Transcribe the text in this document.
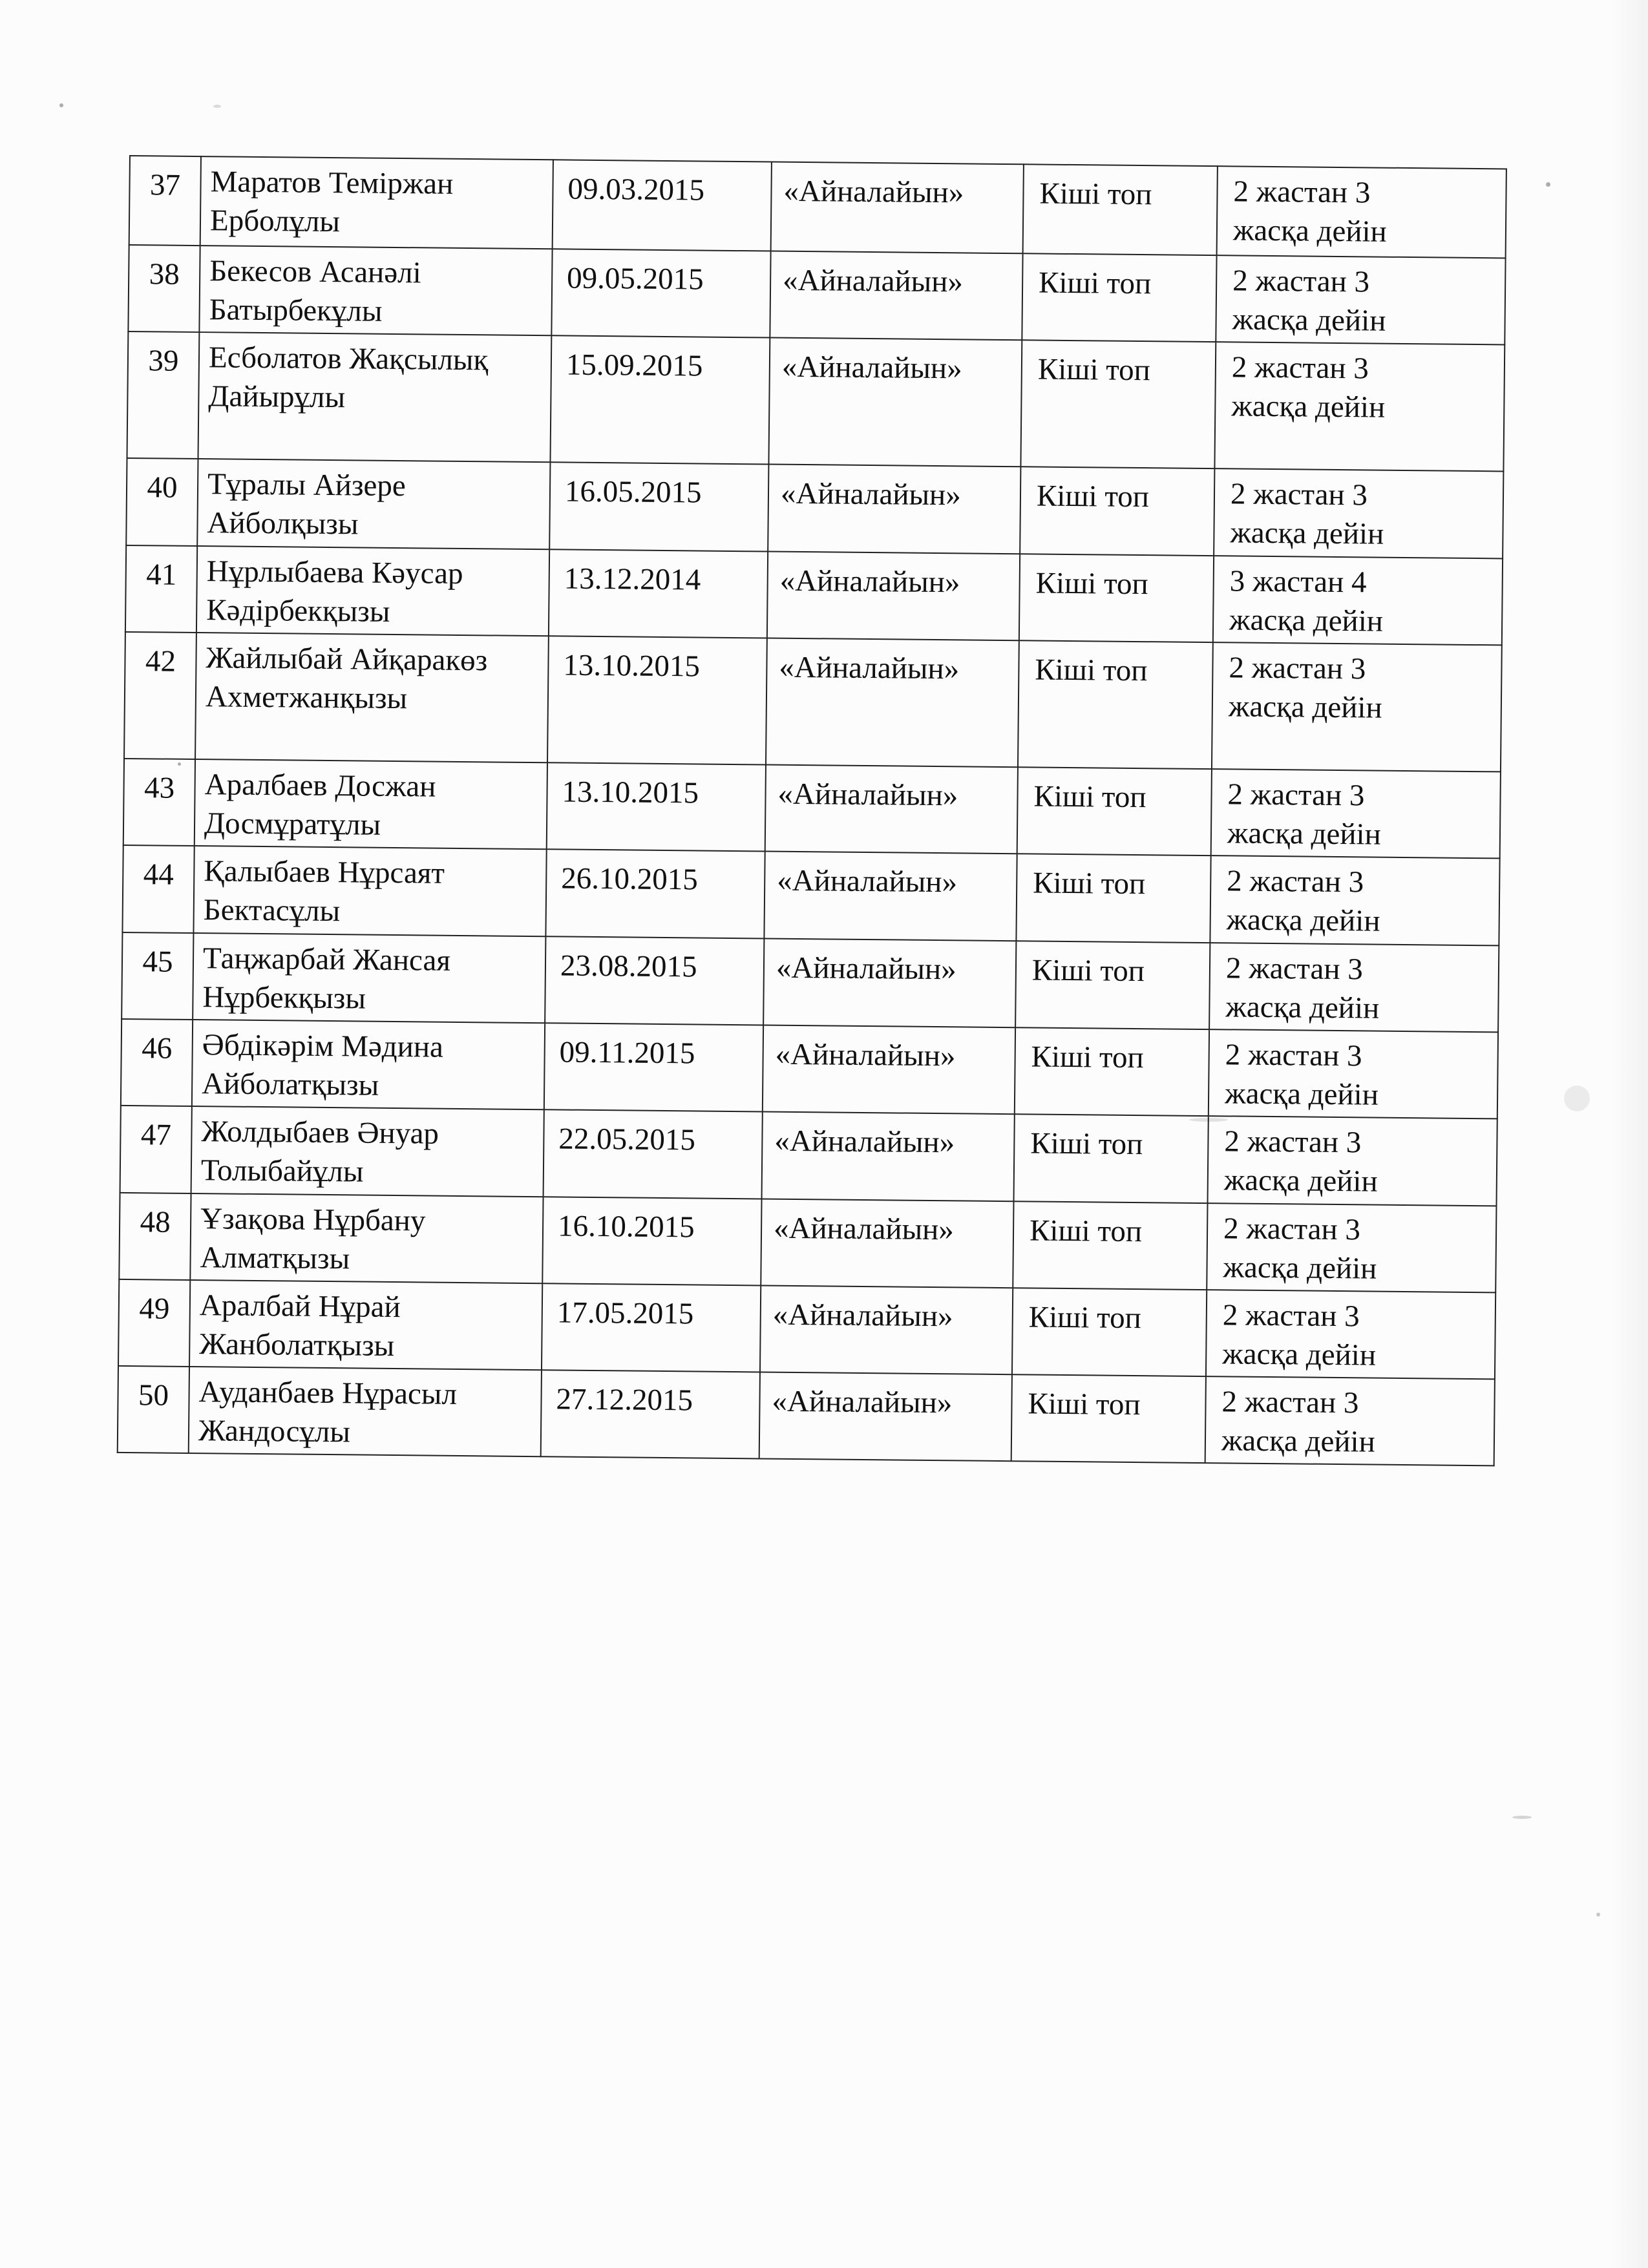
37	Маратов Теміржан Ерболұлы	09.03.2015	«Айналайын»	Кіші топ	2 жастан 3
жасқа дейін

38	Бекесов Асанәлі Батырбекұлы	09.05.2015	«Айналайын»	Кіші топ	2 жастан 3
жасқа дейін

39	Есболатов Жақсылық Дайырұлы	15.09.2015	«Айналайын»	Кіші топ	2 жастан 3
жасқа дейін

40	Тұралы Айзере Айболқызы	16.05.2015	«Айналайын»	Кіші топ	2 жастан 3
жасқа дейін

41	Нұрлыбаева Кәусар Кәдірбекқызы	13.12.2014	«Айналайын»	Кіші топ	3 жастан 4
жасқа дейін

42	Жайлыбай Айқаракөз Ахметжанқызы	13.10.2015	«Айналайын»	Кіші топ	2 жастан 3
жасқа дейін

43	Аралбаев Досжан Досмұратұлы	13.10.2015	«Айналайын»	Кіші топ	2 жастан 3
жасқа дейін

44	Қалыбаев Нұрсаят Бектасұлы	26.10.2015	«Айналайын»	Кіші топ	2 жастан 3
жасқа дейін

45	Таңжарбай Жансая Нұрбекқызы	23.08.2015	«Айналайын»	Кіші топ	2 жастан 3
жасқа дейін

46	Әбдікәрім Мәдина Айболатқызы	09.11.2015	«Айналайын»	Кіші топ	2 жастан 3
жасқа дейін

47	Жолдыбаев Әнуар Толыбайұлы	22.05.2015	«Айналайын»	Кіші топ	2 жастан 3
жасқа дейін

48	Ұзақова Нұрбану Алматқызы	16.10.2015	«Айналайын»	Кіші топ	2 жастан 3
жасқа дейін

49	Аралбай Нұрай Жанболатқызы	17.05.2015	«Айналайын»	Кіші топ	2 жастан 3
жасқа дейін

50	Ауданбаев Нұрасыл Жандосұлы	27.12.2015	«Айналайын»	Кіші топ	2 жастан 3
жасқа дейін
